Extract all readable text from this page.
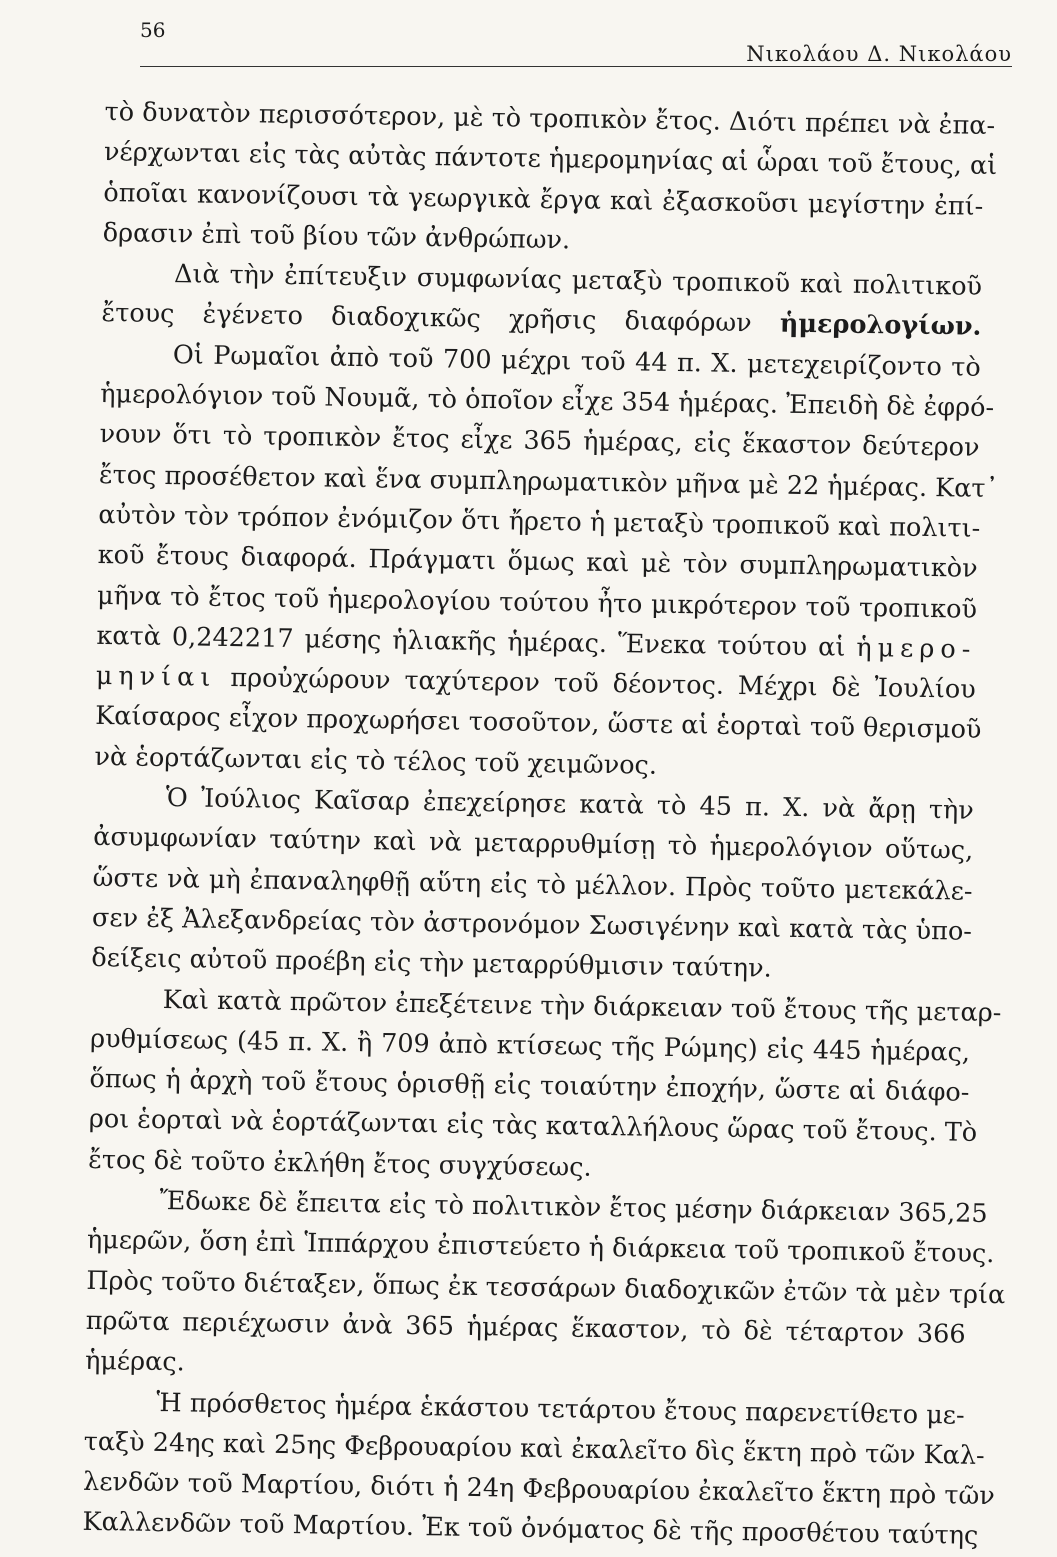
56
Νικολάου Δ. Νικολάου
τὸ δυνατὸν περισσότερον, μὲ τὸ τροπικὸν ἔτος. Διότι πρέπει νὰ ἐπα-
νέρχωνται εἰς τὰς αὐτὰς πάντοτε ἡμερομηνίας αἱ ὧραι τοῦ ἔτους, αἱ
ὁποῖαι κανονίζουσι τὰ γεωργικὰ ἔργα καὶ ἐξασκοῦσι μεγίστην ἐπί-
δρασιν ἐπὶ τοῦ βίου τῶν ἀνθρώπων.
Διὰ τὴν ἐπίτευξιν συμφωνίας μεταξὺ τροπικοῦ καὶ πολιτικοῦ
ἔτους ἐγένετο διαδοχικῶς χρῆσις διαφόρων ἡμερολογίων.
Οἱ Ρωμαῖοι ἀπὸ τοῦ 700 μέχρι τοῦ 44 π. Χ. μετεχειρίζοντο τὸ
ἡμερολόγιον τοῦ Νουμᾶ, τὸ ὁποῖον εἶχε 354 ἡμέρας. Ἐπειδὴ δὲ ἐφρό-
νουν ὅτι τὸ τροπικὸν ἔτος εἶχε 365 ἡμέρας, εἰς ἕκαστον δεύτερον
ἔτος προσέθετον καὶ ἕνα συμπληρωματικὸν μῆνα μὲ 22 ἡμέρας. Κατ᾿
αὐτὸν τὸν τρόπον ἐνόμιζον ὅτι ἤρετο ἡ μεταξὺ τροπικοῦ καὶ πολιτι-
κοῦ ἔτους διαφορά. Πράγματι ὅμως καὶ μὲ τὸν συμπληρωματικὸν
μῆνα τὸ ἔτος τοῦ ἡμερολογίου τούτου ἦτο μικρότερον τοῦ τροπικοῦ
κατὰ 0,242217 μέσης ἡλιακῆς ἡμέρας. Ἕνεκα τούτου αἱ ἡμερο-
μηνίαι προὐχώρουν ταχύτερον τοῦ δέοντος. Μέχρι δὲ Ἰουλίου
Καίσαρος εἶχον προχωρήσει τοσοῦτον, ὥστε αἱ ἑορταὶ τοῦ θερισμοῦ
νὰ ἑορτάζωνται εἰς τὸ τέλος τοῦ χειμῶνος.
Ὁ Ἰούλιος Καῖσαρ ἐπεχείρησε κατὰ τὸ 45 π. Χ. νὰ ἄρῃ τὴν
ἀσυμφωνίαν ταύτην καὶ νὰ μεταρρυθμίσῃ τὸ ἡμερολόγιον οὕτως,
ὥστε νὰ μὴ ἐπαναληφθῇ αὕτη εἰς τὸ μέλλον. Πρὸς τοῦτο μετεκάλε-
σεν ἐξ Ἀλεξανδρείας τὸν ἀστρονόμον Σωσιγένην καὶ κατὰ τὰς ὑπο-
δείξεις αὐτοῦ προέβη εἰς τὴν μεταρρύθμισιν ταύτην.
Καὶ κατὰ πρῶτον ἐπεξέτεινε τὴν διάρκειαν τοῦ ἔτους τῆς μεταρ-
ρυθμίσεως (45 π. Χ. ἢ 709 ἀπὸ κτίσεως τῆς Ρώμης) εἰς 445 ἡμέρας,
ὅπως ἡ ἀρχὴ τοῦ ἔτους ὁρισθῇ εἰς τοιαύτην ἐποχήν, ὥστε αἱ διάφο-
ροι ἑορταὶ νὰ ἑορτάζωνται εἰς τὰς καταλλήλους ὥρας τοῦ ἔτους. Τὸ
ἔτος δὲ τοῦτο ἐκλήθη ἔτος συγχύσεως.
Ἔδωκε δὲ ἔπειτα εἰς τὸ πολιτικὸν ἔτος μέσην διάρκειαν 365,25
ἡμερῶν, ὅση ἐπὶ Ἱππάρχου ἐπιστεύετο ἡ διάρκεια τοῦ τροπικοῦ ἔτους.
Πρὸς τοῦτο διέταξεν, ὅπως ἐκ τεσσάρων διαδοχικῶν ἐτῶν τὰ μὲν τρία
πρῶτα περιέχωσιν ἀνὰ 365 ἡμέρας ἕκαστον, τὸ δὲ τέταρτον 366
ἡμέρας.
Ἡ πρόσθετος ἡμέρα ἑκάστου τετάρτου ἔτους παρενετίθετο με-
ταξὺ 24ης καὶ 25ης Φεβρουαρίου καὶ ἐκαλεῖτο δὶς ἕκτη πρὸ τῶν Καλ-
λενδῶν τοῦ Μαρτίου, διότι ἡ 24η Φεβρουαρίου ἐκαλεῖτο ἕκτη πρὸ τῶν
Καλλενδῶν τοῦ Μαρτίου. Ἐκ τοῦ ὀνόματος δὲ τῆς προσθέτου ταύτης
